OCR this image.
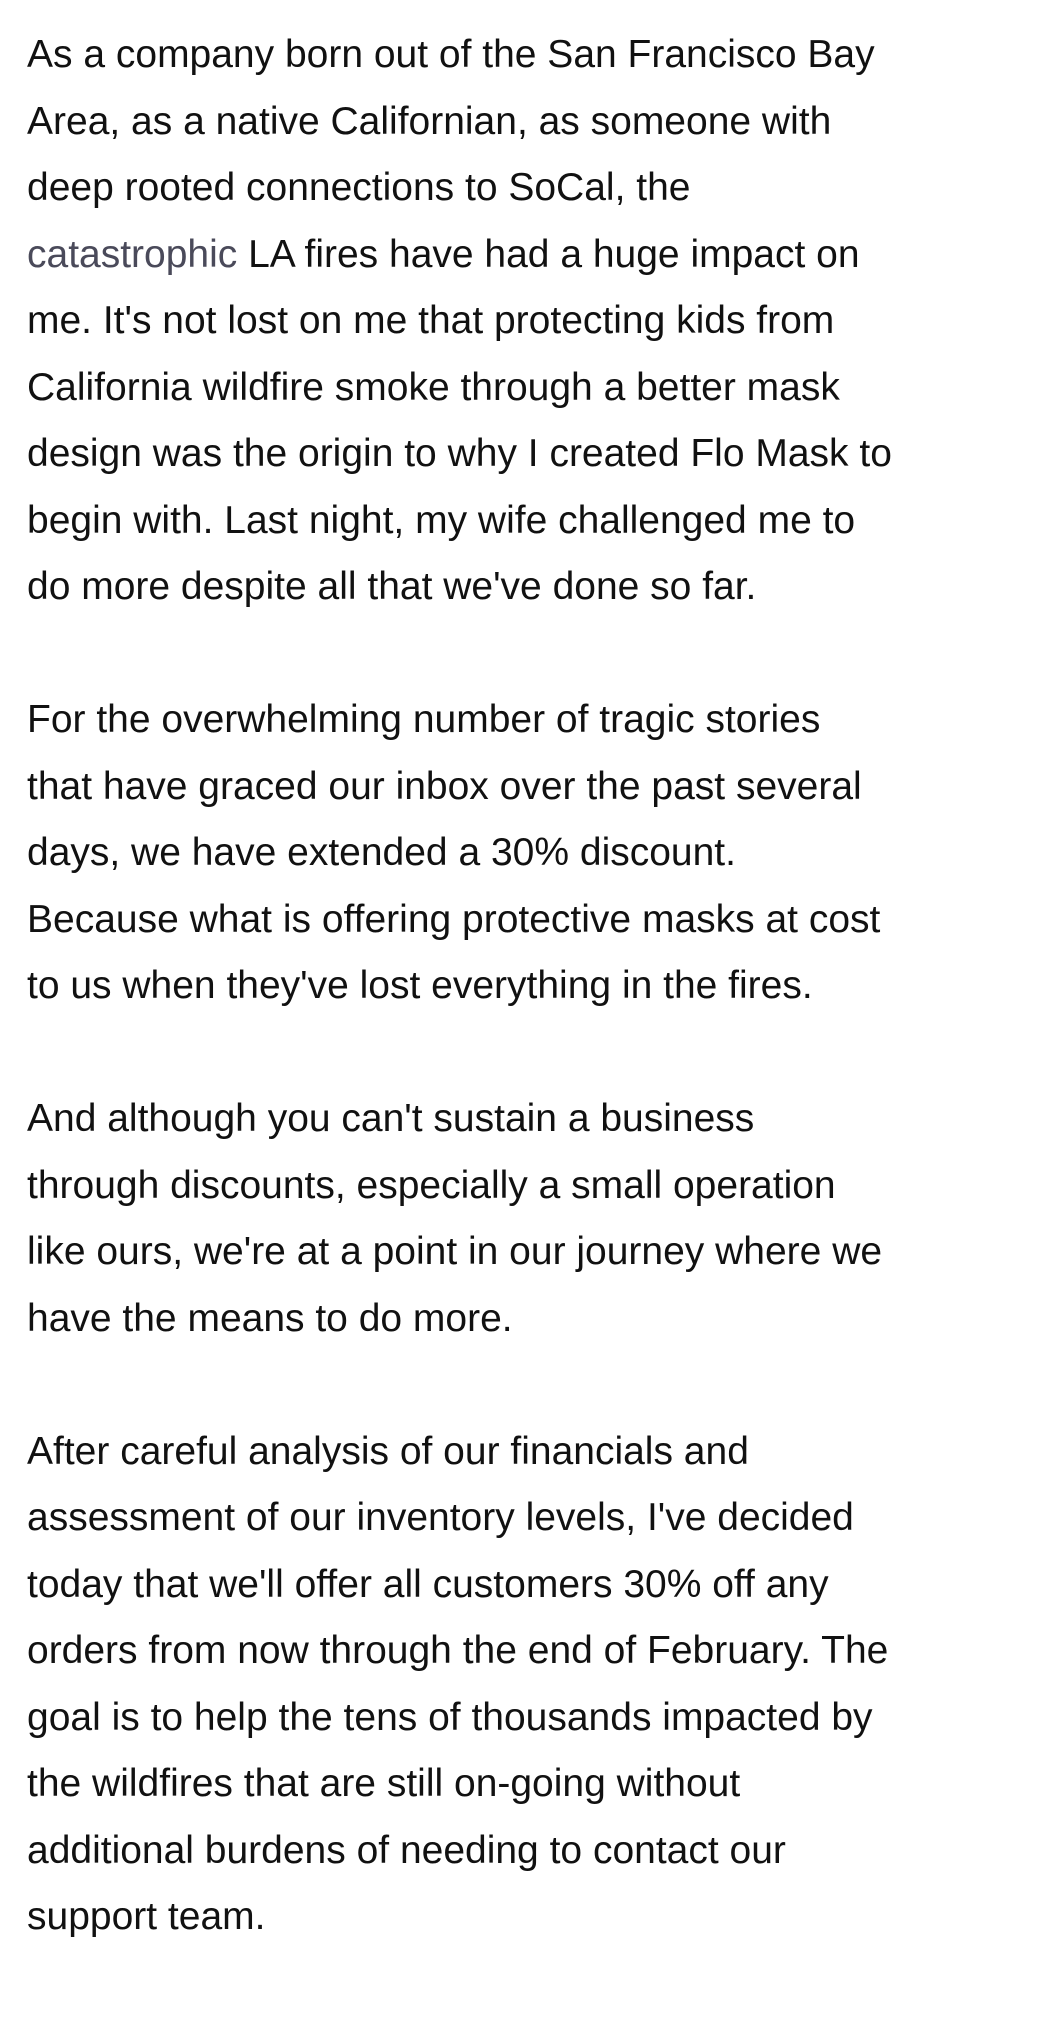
As a company born out of the San Francisco Bay
Area, as a native Californian, as someone with
deep rooted connections to SoCal, the
catastrophic LA fires have had a huge impact on
me. It's not lost on me that protecting kids from
California wildfire smoke through a better mask
design was the origin to why I created Flo Mask to
begin with. Last night, my wife challenged me to
do more despite all that we've done so far.

For the overwhelming number of tragic stories
that have graced our inbox over the past several
days, we have extended a 30% discount.
Because what is offering protective masks at cost
to us when they've lost everything in the fires.

And although you can't sustain a business
through discounts, especially a small operation
like ours, we're at a point in our journey where we
have the means to do more.

After careful analysis of our financials and
assessment of our inventory levels, I've decided
today that we'll offer all customers 30% off any
orders from now through the end of February. The
goal is to help the tens of thousands impacted by
the wildfires that are still on-going without
additional burdens of needing to contact our
support team.
